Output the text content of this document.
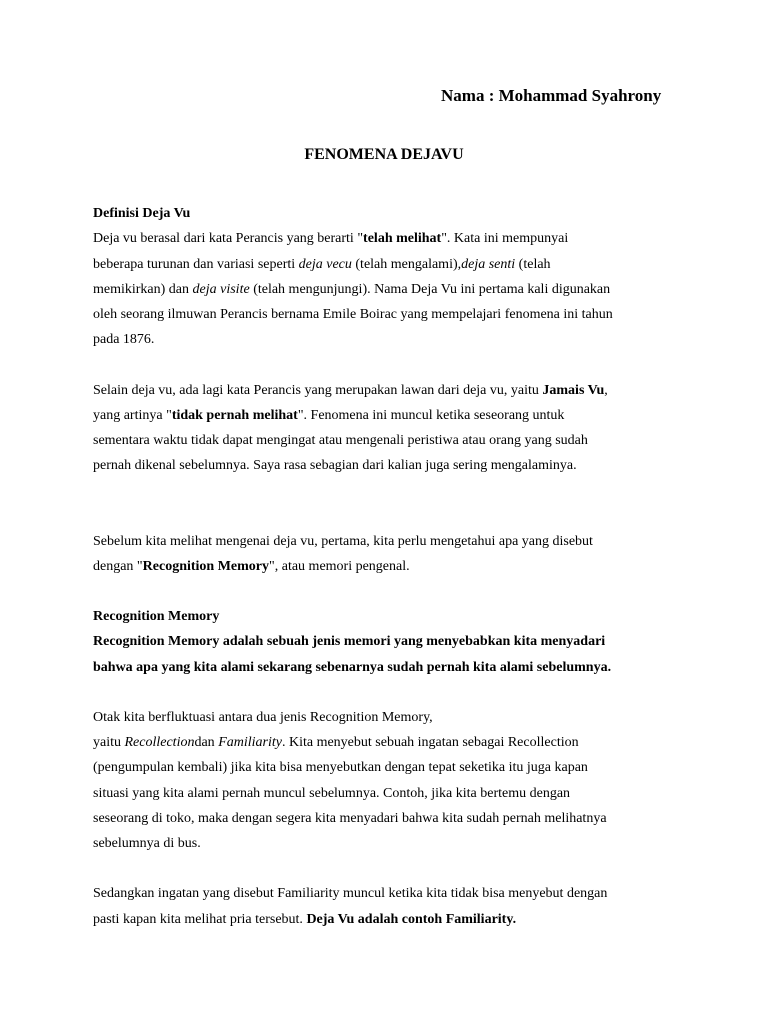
Nama : Mohammad Syahrony
FENOMENA DEJAVU
Definisi Deja Vu
Deja vu berasal dari kata Perancis yang berarti "telah melihat". Kata ini mempunyai
beberapa turunan dan variasi seperti deja vecu (telah mengalami),deja senti (telah
memikirkan) dan deja visite (telah mengunjungi). Nama Deja Vu ini pertama kali digunakan
oleh seorang ilmuwan Perancis bernama Emile Boirac yang mempelajari fenomena ini tahun
pada 1876.
Selain deja vu, ada lagi kata Perancis yang merupakan lawan dari deja vu, yaitu Jamais Vu,
yang artinya "tidak pernah melihat". Fenomena ini muncul ketika seseorang untuk
sementara waktu tidak dapat mengingat atau mengenali peristiwa atau orang yang sudah
pernah dikenal sebelumnya. Saya rasa sebagian dari kalian juga sering mengalaminya.
Sebelum kita melihat mengenai deja vu, pertama, kita perlu mengetahui apa yang disebut
dengan "Recognition Memory", atau memori pengenal.
Recognition Memory
Recognition Memory adalah sebuah jenis memori yang menyebabkan kita menyadari
bahwa apa yang kita alami sekarang sebenarnya sudah pernah kita alami sebelumnya.
Otak kita berfluktuasi antara dua jenis Recognition Memory,
yaitu Recollectiondan Familiarity. Kita menyebut sebuah ingatan sebagai Recollection
(pengumpulan kembali) jika kita bisa menyebutkan dengan tepat seketika itu juga kapan
situasi yang kita alami pernah muncul sebelumnya. Contoh, jika kita bertemu dengan
seseorang di toko, maka dengan segera kita menyadari bahwa kita sudah pernah melihatnya
sebelumnya di bus.
Sedangkan ingatan yang disebut Familiarity muncul ketika kita tidak bisa menyebut dengan
pasti kapan kita melihat pria tersebut. Deja Vu adalah contoh Familiarity.
